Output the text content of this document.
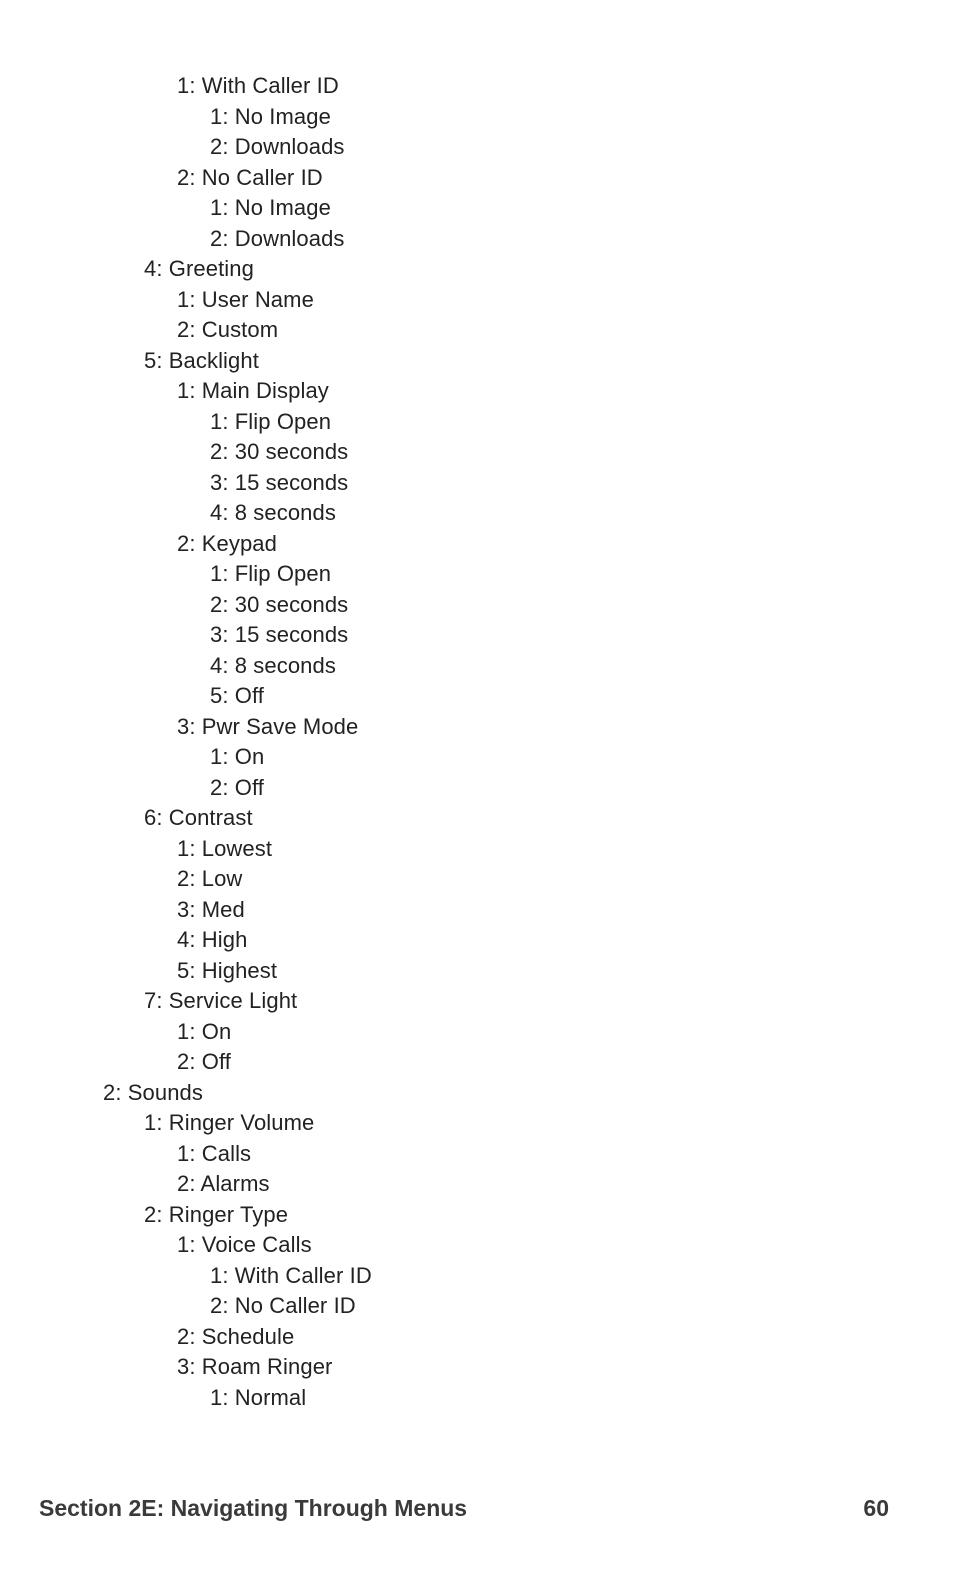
1: With Caller ID
1: No Image
2: Downloads
2: No Caller ID
1: No Image
2: Downloads
4: Greeting
1: User Name
2: Custom
5: Backlight
1: Main Display
1: Flip Open
2: 30 seconds
3: 15 seconds
4: 8 seconds
2: Keypad
1: Flip Open
2: 30 seconds
3: 15 seconds
4: 8 seconds
5: Off
3: Pwr Save Mode
1: On
2: Off
6: Contrast
1: Lowest
2: Low
3: Med
4: High
5: Highest
7: Service Light
1: On
2: Off
2: Sounds
1: Ringer Volume
1: Calls
2: Alarms
2: Ringer Type
1: Voice Calls
1: With Caller ID
2: No Caller ID
2: Schedule
3: Roam Ringer
1: Normal
Section 2E: Navigating Through Menus	60
